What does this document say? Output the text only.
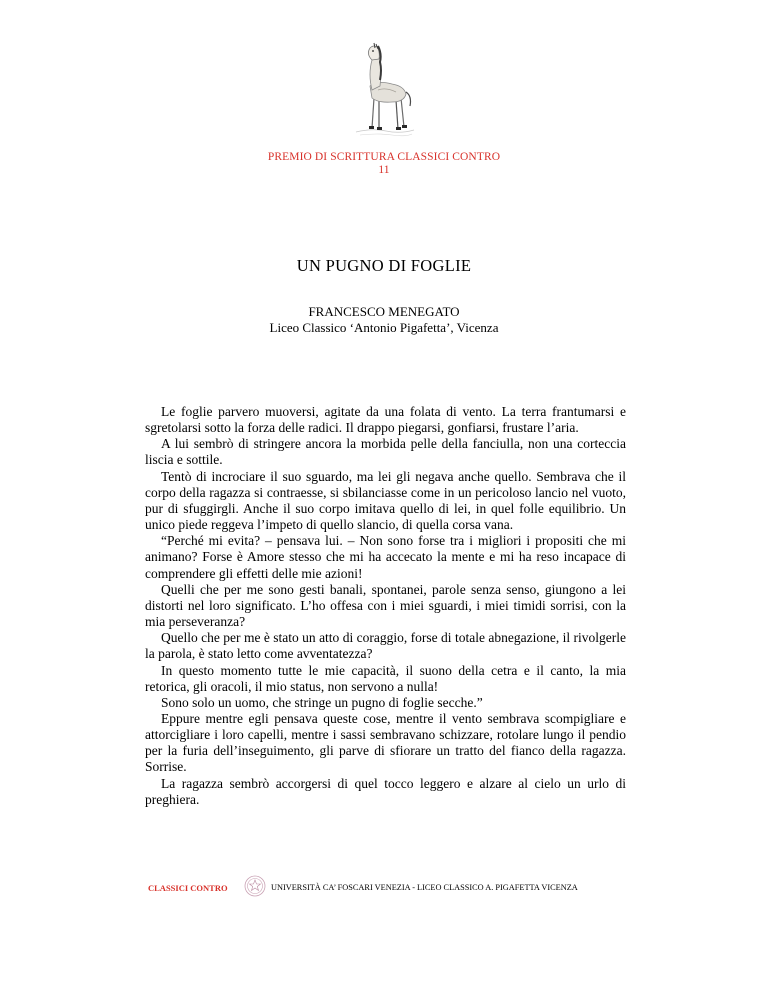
PREMIO DI SCRITTURA CLASSICI CONTRO
11
UN PUGNO DI FOGLIE
FRANCESCO MENEGATO
Liceo Classico ‘Antonio Pigafetta’, Vicenza

Le foglie parvero muoversi, agitate da una folata di vento. La terra frantumarsi e sgretolarsi sotto la forza delle radici. Il drappo piegarsi, gonfiarsi, frustare l’aria.

A lui sembrò di stringere ancora la morbida pelle della fanciulla, non una corteccia liscia e sottile.

Tentò di incrociare il suo sguardo, ma lei gli negava anche quello. Sembrava che il corpo della ragazza si contraesse, si sbilanciasse come in un pericoloso lancio nel vuoto, pur di sfuggirgli. Anche il suo corpo imitava quello di lei, in quel folle equilibrio. Un unico piede reggeva l’impeto di quello slancio, di quella corsa vana.

“Perché mi evita? – pensava lui. – Non sono forse tra i migliori i propositi che mi animano? Forse è Amore stesso che mi ha accecato la mente e mi ha reso incapace di comprendere gli effetti delle mie azioni!

Quelli che per me sono gesti banali, spontanei, parole senza senso, giungono a lei distorti nel loro significato. L’ho offesa con i miei sguardi, i miei timidi sorrisi, con la mia perseveranza?

Quello che per me è stato un atto di coraggio, forse di totale abnegazione, il rivolgerle la parola, è stato letto come avventatezza?

In questo momento tutte le mie capacità, il suono della cetra e il canto, la mia retorica, gli oracoli, il mio status, non servono a nulla!

Sono solo un uomo, che stringe un pugno di foglie secche.”

Eppure mentre egli pensava queste cose, mentre il vento sembrava scompigliare e attorcigliare i loro capelli, mentre i sassi sembravano schizzare, rotolare lungo il pendio per la furia dell’inseguimento, gli parve di sfiorare un tratto del fianco della ragazza. Sorrise.

La ragazza sembrò accorgersi di quel tocco leggero e alzare al cielo un urlo di preghiera.

CLASSICI CONTRO	UNIVERSITÀ CA’ FOSCARI VENEZIA - LICEO CLASSICO A. PIGAFETTA VICENZA
